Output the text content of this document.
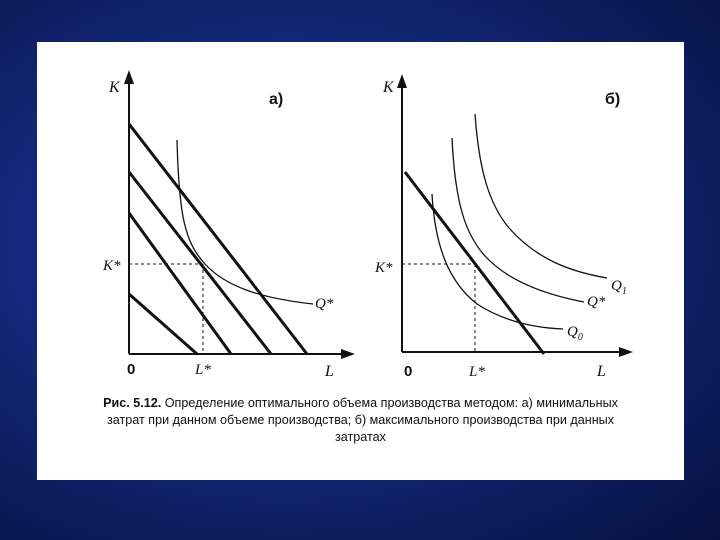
K
а)
K*
Q*
0	L*	L
K
б)
K*
$Q_1$
Q*
$Q_0$
0	L*	L
Рис. 5.12. Определение оптимального объема производства методом: а) минимальных
затрат при данном объеме производства; б) максимального производства при данных
затратах
